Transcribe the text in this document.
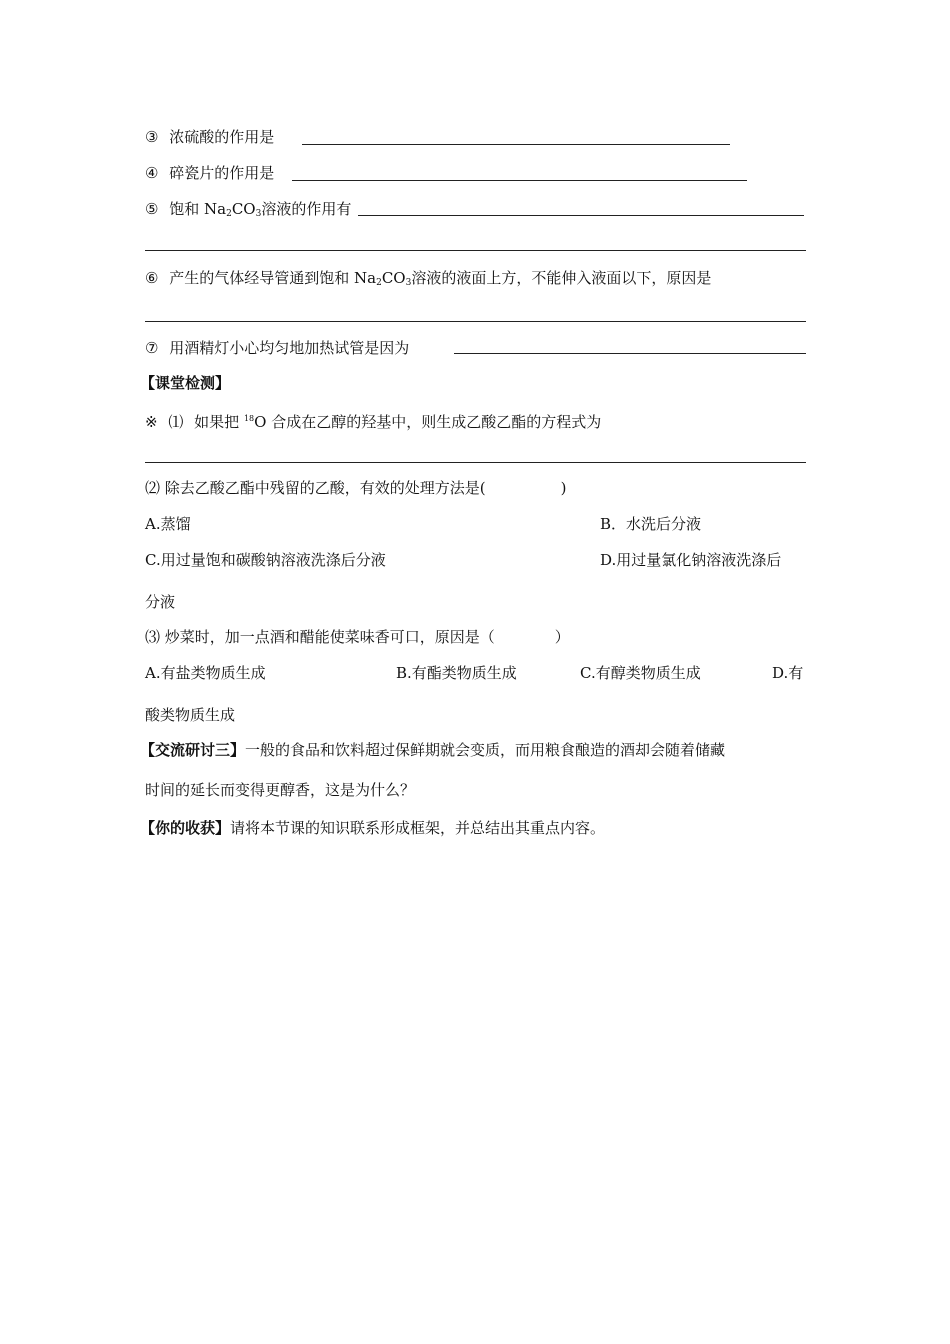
③ 浓硫酸的作用是
④ 碎瓷片的作用是
⑤ 饱和 $Na_2CO_3$溶液的作用有
⑥ 产生的气体经导管通到饱和 $Na_2CO_3$溶液的液面上方，不能伸入液面以下，原因是
⑦ 用酒精灯小心均匀地加热试管是因为
【课堂检测】
※ ⑴ 如果把 $^{18}$O 合成在乙醇的羟基中，则生成乙酸乙酯的方程式为
⑵ 除去乙酸乙酯中残留的乙酸，有效的处理方法是(　　　　　)
A.蒸馏	B．水洗后分液
C.用过量饱和碳酸钠溶液洗涤后分液	D.用过量氯化钠溶液洗涤后
分液
⑶ 炒菜时，加一点酒和醋能使菜味香可口，原因是（　　　　）
A.有盐类物质生成	B.有酯类物质生成	C.有醇类物质生成	D.有
酸类物质生成
【交流研讨三】一般的食品和饮料超过保鲜期就会变质，而用粮食酿造的酒却会随着储藏
时间的延长而变得更醇香，这是为什么？
【你的收获】请将本节课的知识联系形成框架，并总结出其重点内容。
